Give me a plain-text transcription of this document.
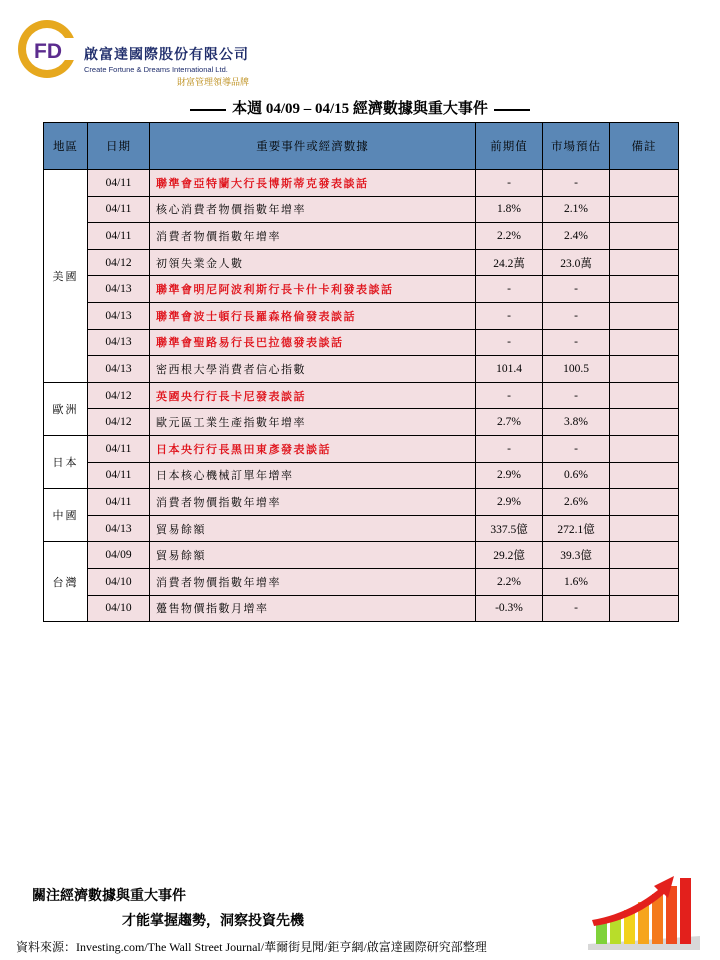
FD 啟富達國際股份有限公司
Create Fortune & Dreams International Ltd.
財富管理領導品牌
本週 04/09 – 04/15 經濟數據與重大事件
地區	日期	重要事件或經濟數據	前期值	市場預估	備註
美國	04/11	聯準會亞特蘭大行長博斯蒂克發表談話	-	-	
	04/11	核心消費者物價指數年增率	1.8%	2.1%	
	04/11	消費者物價指數年增率	2.2%	2.4%	
	04/12	初領失業金人數	24.2萬	23.0萬	
	04/13	聯準會明尼阿波利斯行長卡什卡利發表談話	-	-	
	04/13	聯準會波士頓行長羅森格倫發表談話	-	-	
	04/13	聯準會聖路易行長巴拉德發表談話	-	-	
	04/13	密西根大學消費者信心指數	101.4	100.5	
歐洲	04/12	英國央行行長卡尼發表談話	-	-	
	04/12	歐元區工業生產指數年增率	2.7%	3.8%	
日本	04/11	日本央行行長黑田東彥發表談話	-	-	
	04/11	日本核心機械訂單年增率	2.9%	0.6%	
中國	04/11	消費者物價指數年增率	2.9%	2.6%	
	04/13	貿易餘額	337.5億	272.1億	
台灣	04/09	貿易餘額	29.2億	39.3億	
	04/10	消費者物價指數年增率	2.2%	1.6%	
	04/10	躉售物價指數月增率	-0.3%	-	
關注經濟數據與重大事件
才能掌握趨勢，洞察投資先機
資料來源：Investing.com/The Wall Street Journal/華爾街見聞/鉅亨網/啟富達國際研究部整理
